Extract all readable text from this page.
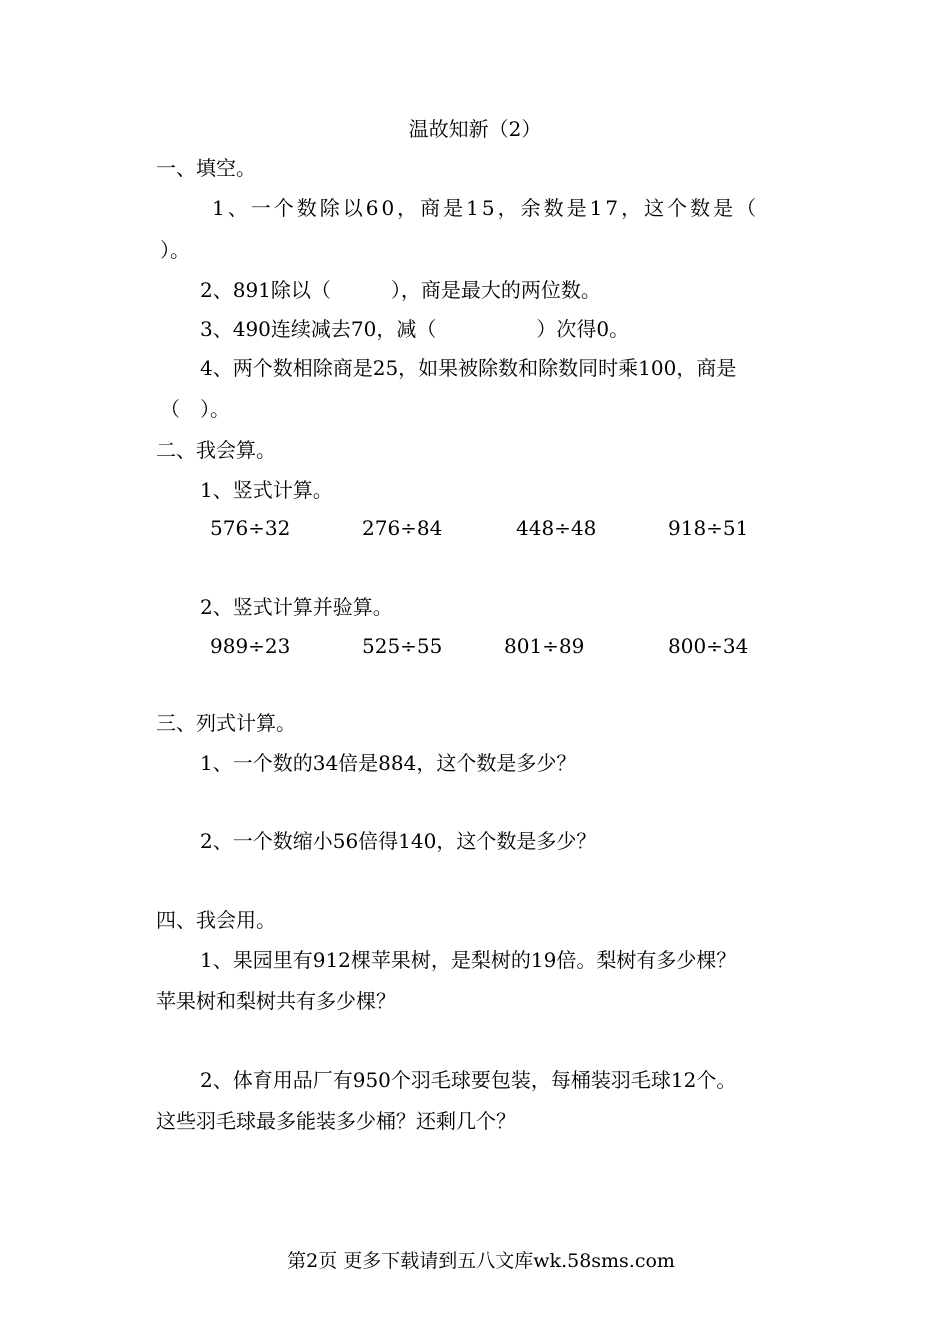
温故知新（2）
一、填空。
1、一个数除以60，商是15，余数是17，这个数是（
）。
2、891除以（　　　），商是最大的两位数。
3、490连续减去70，减（　　　　　）次得0。
4、两个数相除商是25，如果被除数和除数同时乘100，商是
（　）。
二、我会算。
1、竖式计算。
576÷32	276÷84	448÷48	918÷51
2、竖式计算并验算。
989÷23	525÷55	801÷89	800÷34
三、列式计算。
1、一个数的34倍是884，这个数是多少？
2、一个数缩小56倍得140，这个数是多少？
四、我会用。
1、果园里有912棵苹果树，是梨树的19倍。梨树有多少棵？
苹果树和梨树共有多少棵？
2、体育用品厂有950个羽毛球要包装，每桶装羽毛球12个。
这些羽毛球最多能装多少桶？还剩几个？

第2页 更多下载请到五八文库wk.58sms.com
